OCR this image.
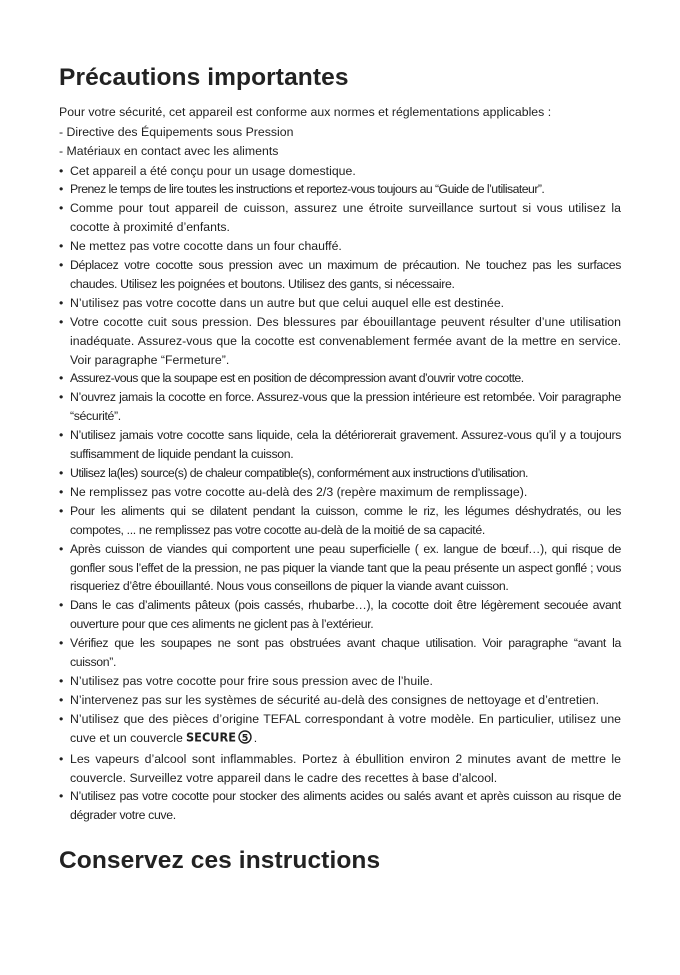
Précautions importantes
Pour votre sécurité, cet appareil est conforme aux normes et réglementations applicables :
- Directive des Équipements sous Pression
- Matériaux en contact avec les aliments
• Cet appareil a été conçu pour un usage domestique.
• Prenez le temps de lire toutes les instructions et reportez-vous toujours au “Guide de l’utilisateur”.
• Comme pour tout appareil de cuisson, assurez une étroite surveillance surtout si vous utilisez la cocotte à proximité d’enfants.
• Ne mettez pas votre cocotte dans un four chauffé.
• Déplacez votre cocotte sous pression avec un maximum de précaution. Ne touchez pas les surfaces chaudes. Utilisez les poignées et boutons. Utilisez des gants, si nécessaire.
• N’utilisez pas votre cocotte dans un autre but que celui auquel elle est destinée.
• Votre cocotte cuit sous pression. Des blessures par ébouillantage peuvent résulter d’une utilisation inadéquate. Assurez-vous que la cocotte est convenablement fermée avant de la mettre en service. Voir paragraphe “Fermeture”.
• Assurez-vous que la soupape est en position de décompression avant d’ouvrir votre cocotte.
• N’ouvrez jamais la cocotte en force. Assurez-vous que la pression intérieure est retombée. Voir paragraphe “sécurité”.
• N’utilisez jamais votre cocotte sans liquide, cela la détériorerait gravement. Assurez-vous qu’il y a toujours suffisamment de liquide pendant la cuisson.
• Utilisez la(les) source(s) de chaleur compatible(s), conformément aux instructions d’utilisation.
• Ne remplissez pas votre cocotte au-delà des 2/3 (repère maximum de remplissage).
• Pour les aliments qui se dilatent pendant la cuisson, comme le riz, les légumes déshydratés, ou les compotes, ... ne remplissez pas votre cocotte au-delà de la moitié de sa capacité.
• Après cuisson de viandes qui comportent une peau superficielle ( ex. langue de bœuf…), qui risque de gonfler sous l’effet de la pression, ne pas piquer la viande tant que la peau présente un aspect gonflé ; vous risqueriez d’être ébouillanté. Nous vous conseillons de piquer la viande avant cuisson.
• Dans le cas d’aliments pâteux (pois cassés, rhubarbe…), la cocotte doit être légèrement secouée avant ouverture pour que ces aliments ne giclent pas à l’extérieur.
• Vérifiez que les soupapes ne sont pas obstruées avant chaque utilisation. Voir paragraphe “avant la cuisson”.
• N’utilisez pas votre cocotte pour frire sous pression avec de l’huile.
• N’intervenez pas sur les systèmes de sécurité au-delà des consignes de nettoyage et d’entretien.
• N’utilisez que des pièces d’origine TEFAL correspondant à votre modèle. En particulier, utilisez une cuve et un couvercle SECURE 5 .
• Les vapeurs d’alcool sont inflammables. Portez à ébullition environ 2 minutes avant de mettre le couvercle. Surveillez votre appareil dans le cadre des recettes à base d’alcool.
• N’utilisez pas votre cocotte pour stocker des aliments acides ou salés avant et après cuisson au risque de dégrader votre cuve.
Conservez ces instructions
